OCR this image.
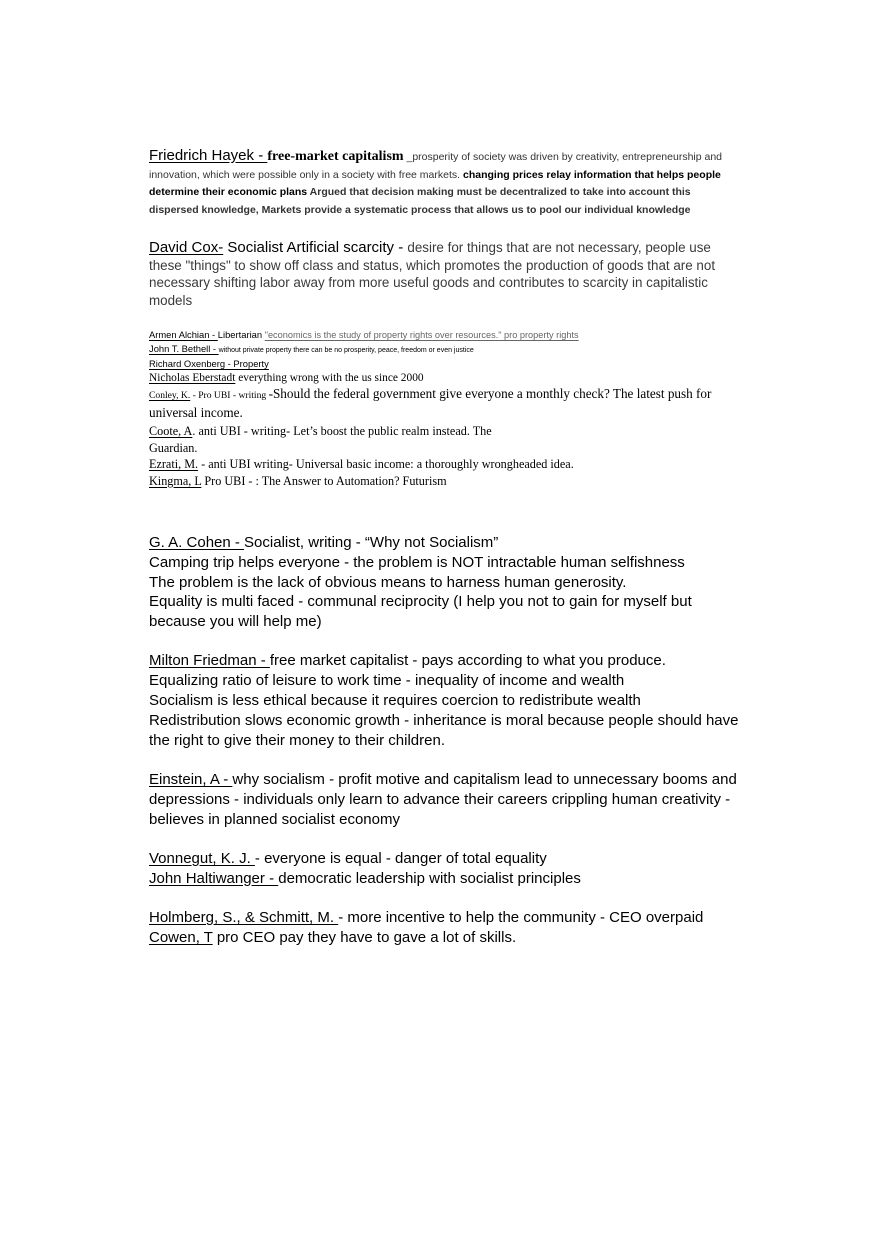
Friedrich Hayek - free-market capitalism _prosperity of society was driven by creativity, entrepreneurship and innovation, which were possible only in a society with free markets. changing prices relay information that helps people determine their economic plans Argued that decision making must be decentralized to take into account this dispersed knowledge, Markets provide a systematic process that allows us to pool our individual knowledge
David Cox- Socialist Artificial scarcity - desire for things that are not necessary, people use these "things" to show off class and status, which promotes the production of goods that are not necessary shifting labor away from more useful goods and contributes to scarcity in capitalistic models
Armen Alchian - Libertarian "economics is the study of property rights over resources." pro property rights
John T. Bethell - without private property there can be no prosperity, peace, freedom or even justice
Richard Oxenberg - Property
Nicholas Eberstadt everything wrong with the us since 2000
Conley, K. - Pro UBI - writing -Should the federal government give everyone a monthly check? The latest push for universal income.
Coote, A. anti UBI - writing- Let’s boost the public realm instead. The
Guardian.
Ezrati, M. - anti UBI writing- Universal basic income: a thoroughly wrongheaded idea.
Kingma, L Pro UBI - : The Answer to Automation? Futurism
G. A. Cohen - Socialist, writing - “Why not Socialism”
Camping trip helps everyone - the problem is NOT intractable human selfishness
The problem is the lack of obvious means to harness human generosity.
Equality is multi faced - communal reciprocity (I help you not to gain for myself but because you will help me)
Milton Friedman - free market capitalist - pays according to what you produce.
Equalizing ratio of leisure to work time - inequality of income and wealth
Socialism is less ethical because it requires coercion to redistribute wealth
Redistribution slows economic growth - inheritance is moral because people should have the right to give their money to their children.
Einstein, A - why socialism - profit motive and capitalism lead to unnecessary booms and depressions - individuals only learn to advance their careers crippling human creativity - believes in planned socialist economy
Vonnegut, K. J. - everyone is equal - danger of total equality
John Haltiwanger - democratic leadership with socialist principles
Holmberg, S., & Schmitt, M. - more incentive to help the community - CEO overpaid
Cowen, T pro CEO pay they have to gave a lot of skills.
